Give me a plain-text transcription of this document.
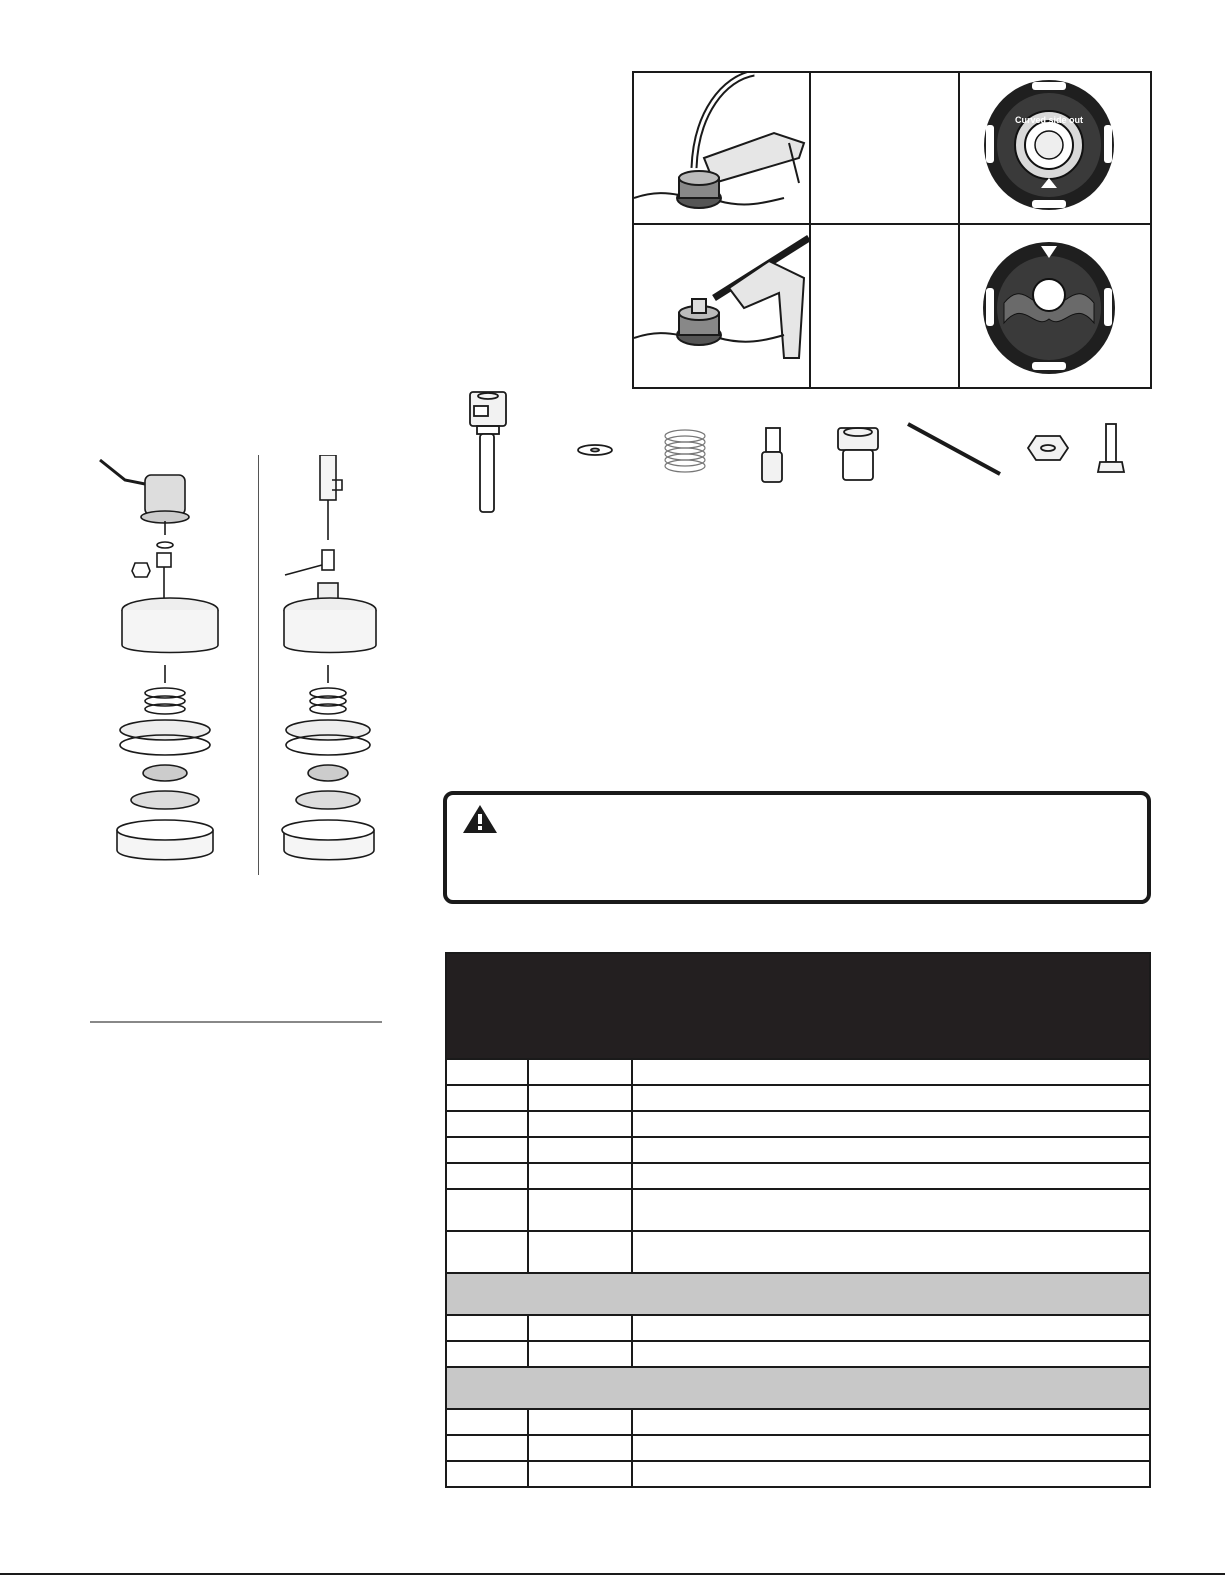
Curved side out
